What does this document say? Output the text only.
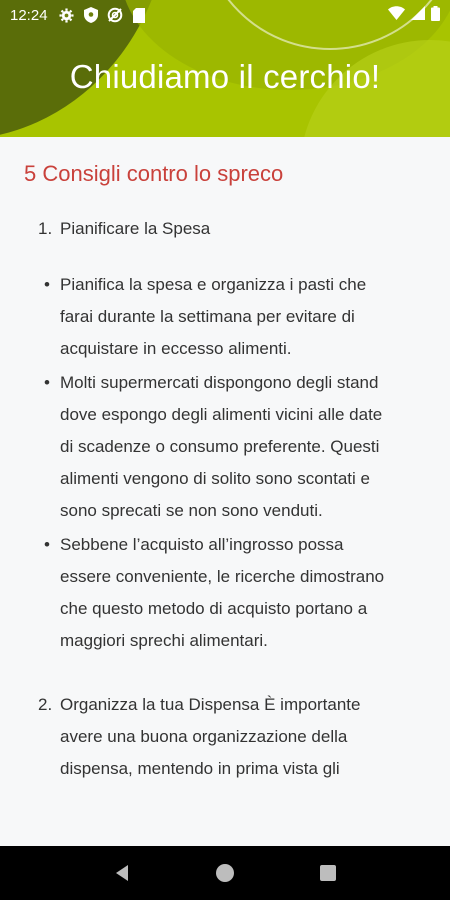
12:24
Chiudiamo il cerchio!
5 Consigli contro lo spreco
1. Pianificare la Spesa
• Pianifica la spesa e organizza i pasti che farai durante la settimana per evitare di acquistare in eccesso alimenti.
• Molti supermercati dispongono degli stand dove espongo degli alimenti vicini alle date di scadenze o consumo preferente. Questi alimenti vengono di solito sono scontati e sono sprecati se non sono venduti.
• Sebbene l’acquisto all’ingrosso possa essere conveniente, le ricerche dimostrano che questo metodo di acquisto portano a maggiori sprechi alimentari.
2. Organizza la tua Dispensa È importante avere una buona organizzazione della dispensa, mentendo in prima vista gli
